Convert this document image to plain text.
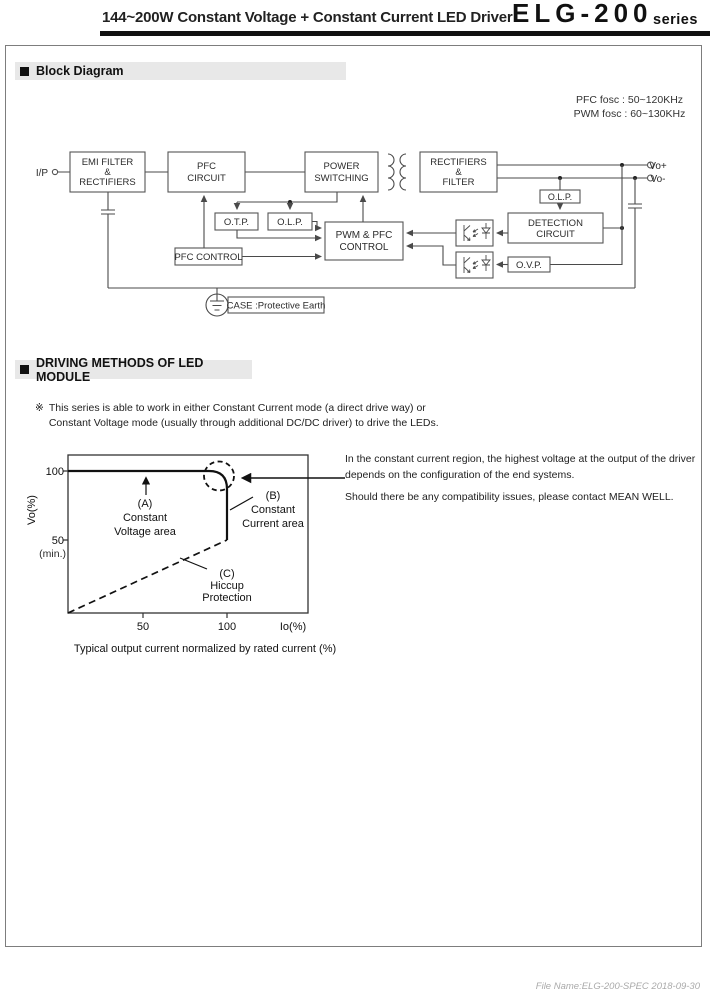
144~200W Constant Voltage + Constant Current LED Driver ELG-200 series
Block Diagram
PFC fosc : 50~120KHz
PWM fosc : 60~130KHz
I/P
Vo+
Vo-
EMI FILTER
&
RECTIFIERS
PFC
CIRCUIT
POWER
SWITCHING
RECTIFIERS
&
FILTER
O.T.P.	O.L.P.
PWM & PFC
CONTROL
PFC CONTROL
O.L.P.
DETECTION
CIRCUIT
O.V.P.
CASE :Protective Earth
DRIVING METHODS OF LED MODULE
※ This series is able to work in either Constant Current mode (a direct drive way) or
Constant Voltage mode (usually through additional DC/DC driver) to drive the LEDs.
100
50
(min.)
Vo(%)
50	100	Io(%)
(A)
Constant
Voltage area
(B)
Constant
Current area
(C)
Hiccup
Protection
In the constant current region, the highest voltage at the output of the driver
depends on the configuration of the end systems.
Should there be any compatibility issues, please contact MEAN WELL.
Typical output current normalized by rated current (%)
File Name:ELG-200-SPEC 2018-09-30
